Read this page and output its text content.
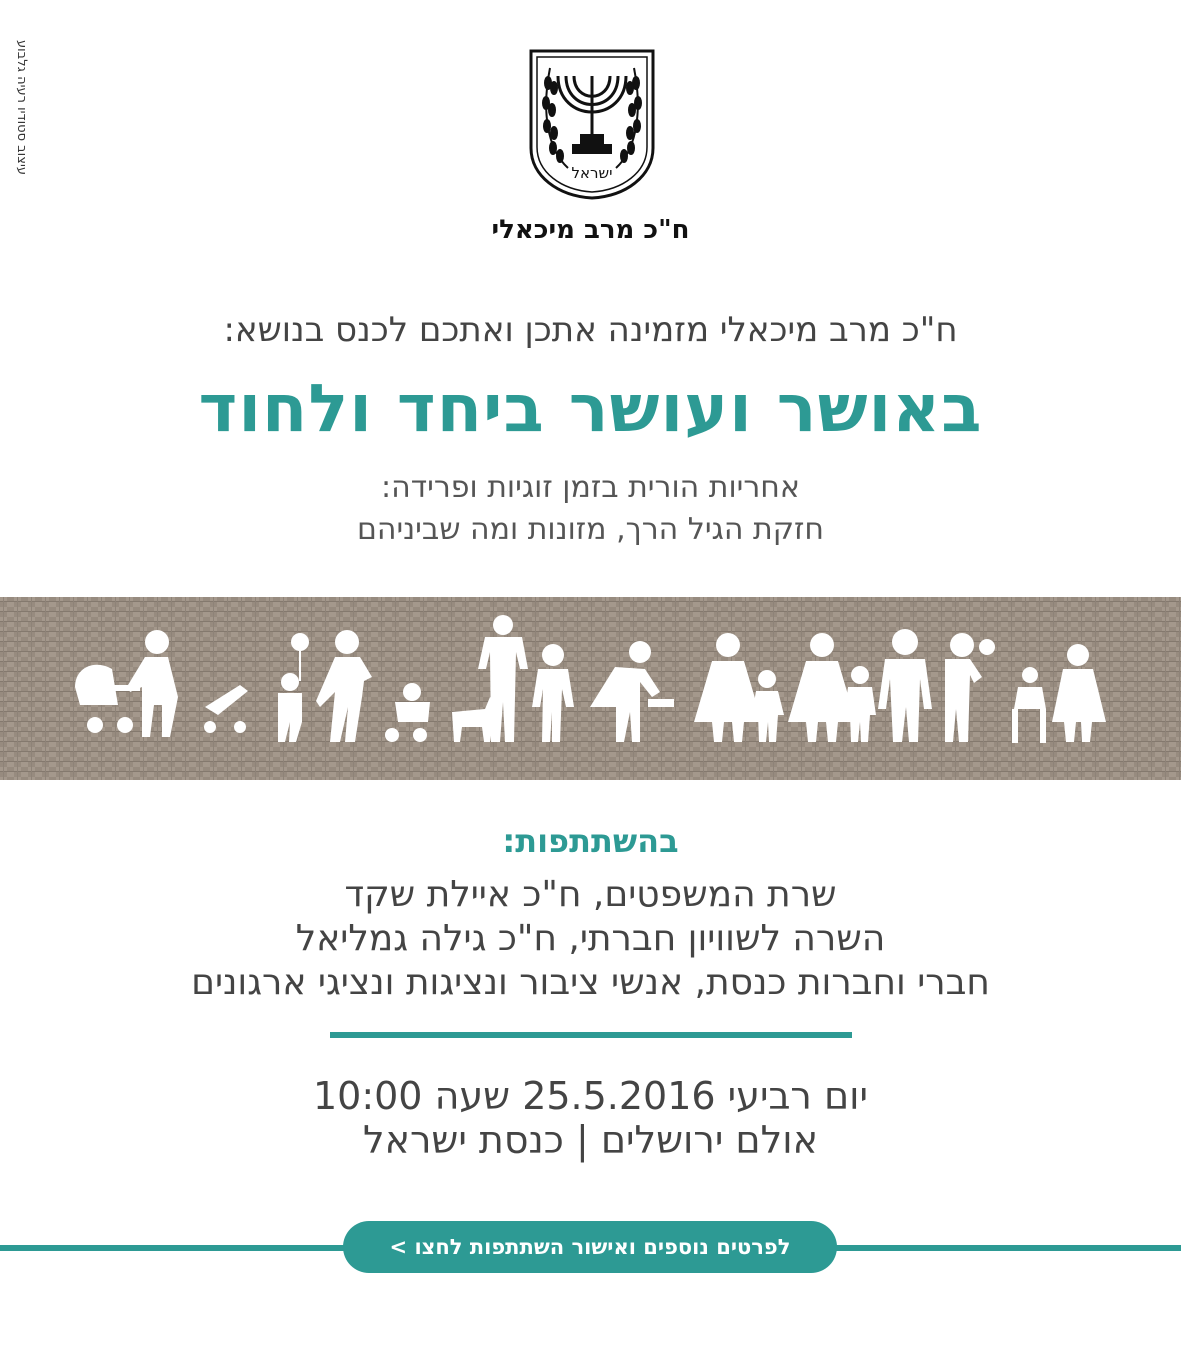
עיצוב סטודיו רעיה גלבוע	ישראל
ח"כ מרב מיכאלי
ח"כ מרב מיכאלי מזמינה אתכן ואתכם לכנס בנושא:
באושר ועושר ביחד ולחוד
אחריות הורית בזמן זוגיות ופרידה:
חזקת הגיל הרך, מזונות ומה שביניהם
בהשתתפות:
שרת המשפטים, ח"כ איילת שקד
השרה לשוויון חברתי, ח"כ גילה גמליאל
חברי וחברות כנסת, אנשי ציבור ונציגות ונציגי ארגונים
יום רביעי 25.5.2016 שעה 10:00
אולם ירושלים | כנסת ישראל
לפרטים נוספים ואישור השתתפות לחצו >
